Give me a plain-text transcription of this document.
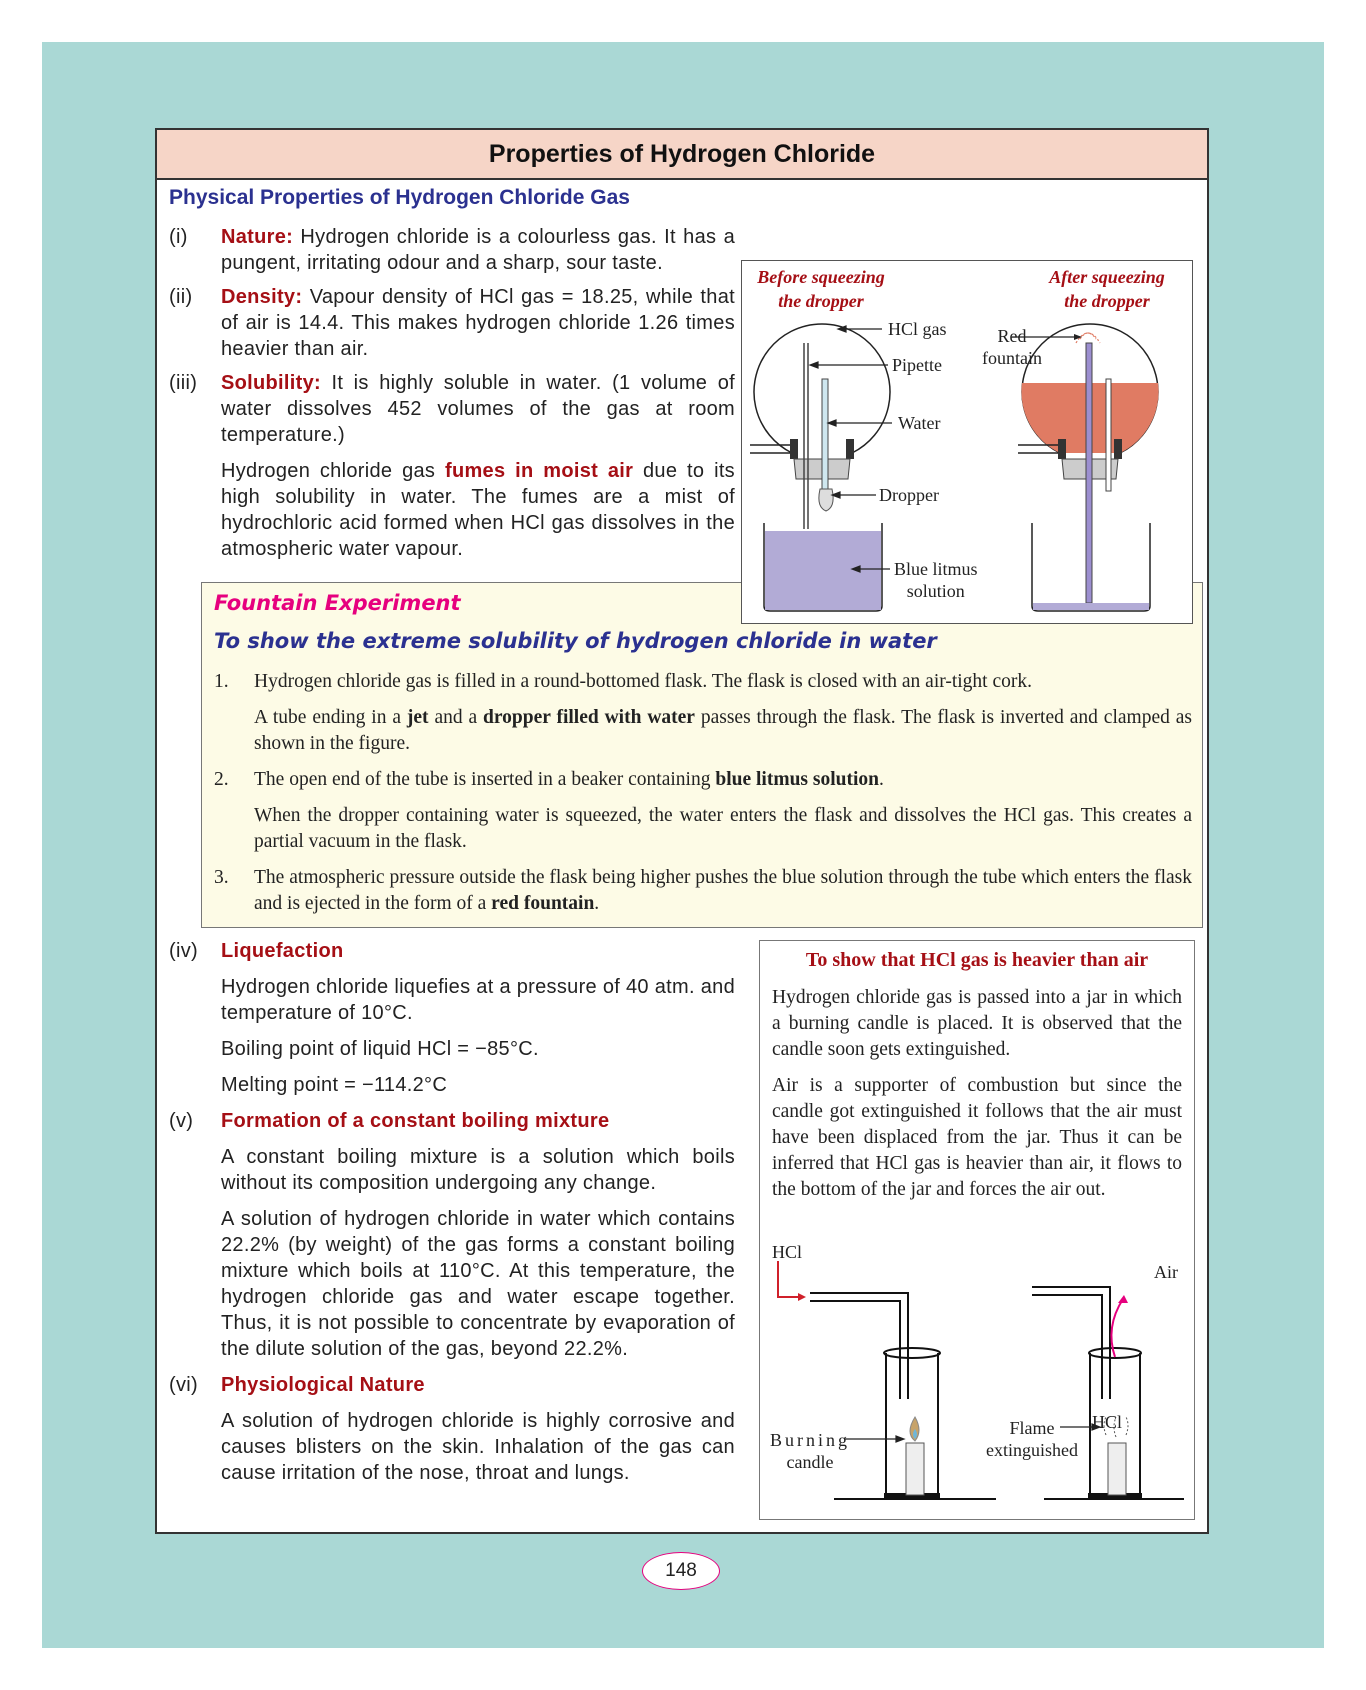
Properties of Hydrogen Chloride
Physical Properties of Hydrogen Chloride Gas
(i) Nature: Hydrogen chloride is a colourless gas. It has a pungent, irritating odour and a sharp, sour taste.
(ii) Density: Vapour density of HCl gas = 18.25, while that of air is 14.4. This makes hydrogen chloride 1.26 times heavier than air.
(iii) Solubility: It is highly soluble in water. (1 volume of water dissolves 452 volumes of the gas at room temperature.)
Hydrogen chloride gas fumes in moist air due to its high solubility in water. The fumes are a mist of hydrochloric acid formed when HCl gas dissolves in the atmospheric water vapour.
Fountain Experiment
To show the extreme solubility of hydrogen chloride in water
1. Hydrogen chloride gas is filled in a round-bottomed flask. The flask is closed with an air-tight cork.
A tube ending in a jet and a dropper filled with water passes through the flask. The flask is inverted and clamped as shown in the figure.
2. The open end of the tube is inserted in a beaker containing blue litmus solution.
When the dropper containing water is squeezed, the water enters the flask and dissolves the HCl gas. This creates a partial vacuum in the flask.
3. The atmospheric pressure outside the flask being higher pushes the blue solution through the tube which enters the flask and is ejected in the form of a red fountain.
Before squeezing
the dropper
After squeezing
the dropper
HCl gas
Pipette
Water
Dropper
Blue litmus
solution
Red
fountain
(iv) Liquefaction
Hydrogen chloride liquefies at a pressure of 40 atm. and temperature of 10°C.
Boiling point of liquid HCl = −85°C.
Melting point = −114.2°C
(v) Formation of a constant boiling mixture
A constant boiling mixture is a solution which boils without its composition undergoing any change.
A solution of hydrogen chloride in water which contains 22.2% (by weight) of the gas forms a constant boiling mixture which boils at 110°C. At this temperature, the hydrogen chloride gas and water escape together. Thus, it is not possible to concentrate by evaporation of the dilute solution of the gas, beyond 22.2%.
(vi) Physiological Nature
A solution of hydrogen chloride is highly corrosive and causes blisters on the skin. Inhalation of the gas can cause irritation of the nose, throat and lungs.
To show that HCl gas is heavier than air

Hydrogen chloride gas is passed into a jar in which a burning candle is placed. It is observed that the candle soon gets extinguished.

Air is a supporter of combustion but since the candle got extinguished it follows that the air must have been displaced from the jar. Thus it can be inferred that HCl gas is heavier than air, it flows to the bottom of the jar and forces the air out.

HCl
Air
HCl
Burning
candle
Flame
extinguished
148
